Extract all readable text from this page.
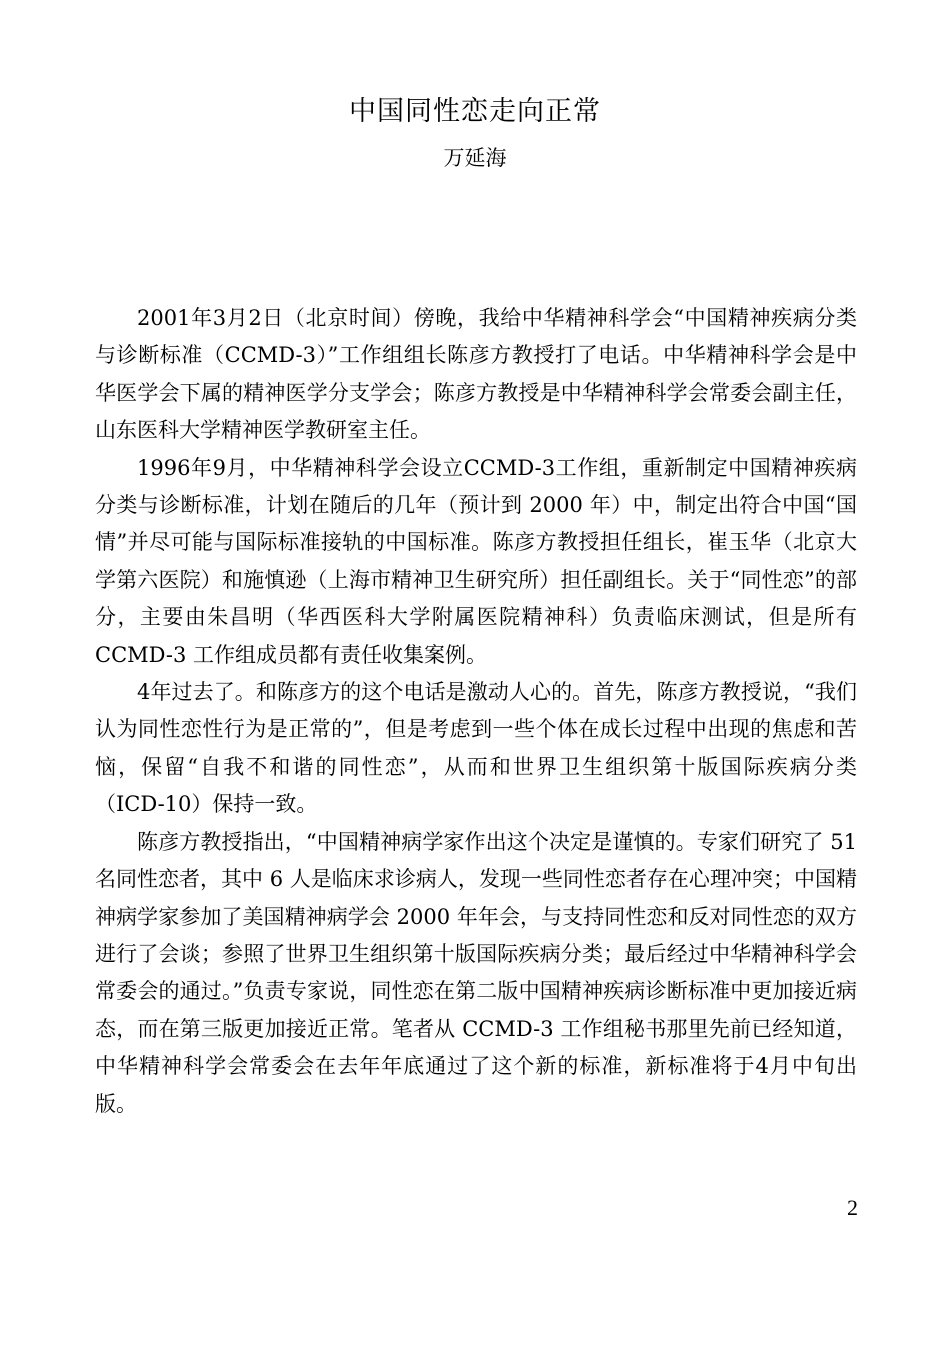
中国同性恋走向正常
万延海

2001年3月2日（北京时间）傍晚，我给中华精神科学会“中国精神疾病分类与诊断标准（CCMD-3）”工作组组长陈彦方教授打了电话。中华精神科学会是中华医学会下属的精神医学分支学会；陈彦方教授是中华精神科学会常委会副主任，山东医科大学精神医学教研室主任。

1996年9月，中华精神科学会设立CCMD-3工作组，重新制定中国精神疾病分类与诊断标准，计划在随后的几年（预计到 2000 年）中，制定出符合中国“国情”并尽可能与国际标准接轨的中国标准。陈彦方教授担任组长，崔玉华（北京大学第六医院）和施慎逊（上海市精神卫生研究所）担任副组长。关于“同性恋”的部分，主要由朱昌明（华西医科大学附属医院精神科）负责临床测试，但是所有 CCMD-3 工作组成员都有责任收集案例。

4年过去了。和陈彦方的这个电话是激动人心的。首先，陈彦方教授说，“我们认为同性恋性行为是正常的”，但是考虑到一些个体在成长过程中出现的焦虑和苦恼，保留“自我不和谐的同性恋”，从而和世界卫生组织第十版国际疾病分类（ICD-10）保持一致。

陈彦方教授指出，“中国精神病学家作出这个决定是谨慎的。专家们研究了 51 名同性恋者，其中 6 人是临床求诊病人，发现一些同性恋者存在心理冲突；中国精神病学家参加了美国精神病学会 2000 年年会，与支持同性恋和反对同性恋的双方进行了会谈；参照了世界卫生组织第十版国际疾病分类；最后经过中华精神科学会常委会的通过。”负责专家说，同性恋在第二版中国精神疾病诊断标准中更加接近病态，而在第三版更加接近正常。笔者从 CCMD-3 工作组秘书那里先前已经知道，中华精神科学会常委会在去年年底通过了这个新的标准，新标准将于4月中旬出版。

2
